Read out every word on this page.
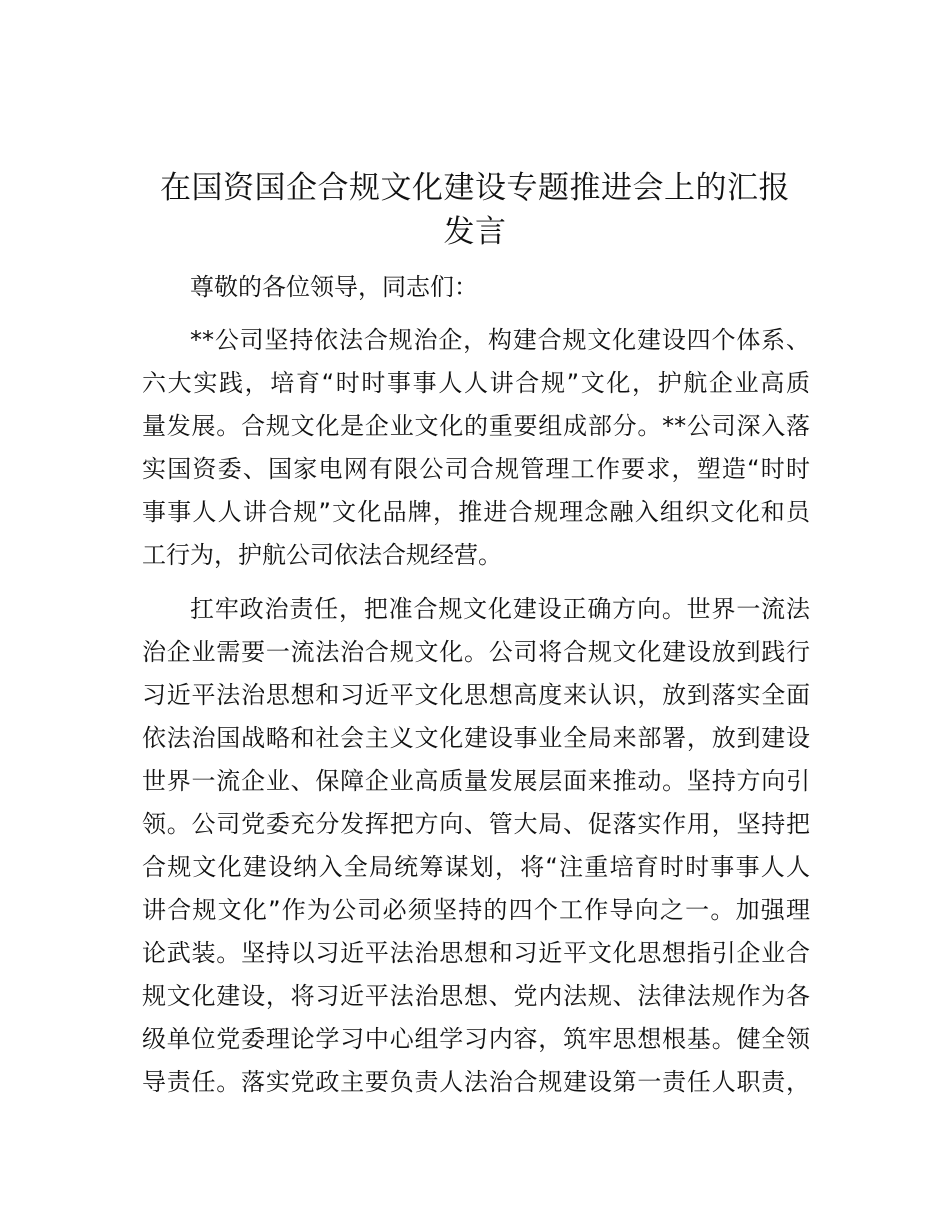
在国资国企合规文化建设专题推进会上的汇报
发言
尊敬的各位领导，同志们：
**公司坚持依法合规治企，构建合规文化建设四个体系、
六大实践，培育“时时事事人人讲合规”文化，护航企业高质
量发展。合规文化是企业文化的重要组成部分。**公司深入落
实国资委、国家电网有限公司合规管理工作要求，塑造“时时
事事人人讲合规”文化品牌，推进合规理念融入组织文化和员
工行为，护航公司依法合规经营。
扛牢政治责任，把准合规文化建设正确方向。世界一流法
治企业需要一流法治合规文化。公司将合规文化建设放到践行
习近平法治思想和习近平文化思想高度来认识，放到落实全面
依法治国战略和社会主义文化建设事业全局来部署，放到建设
世界一流企业、保障企业高质量发展层面来推动。坚持方向引
领。公司党委充分发挥把方向、管大局、促落实作用，坚持把
合规文化建设纳入全局统筹谋划，将“注重培育时时事事人人
讲合规文化”作为公司必须坚持的四个工作导向之一。加强理
论武装。坚持以习近平法治思想和习近平文化思想指引企业合
规文化建设，将习近平法治思想、党内法规、法律法规作为各
级单位党委理论学习中心组学习内容，筑牢思想根基。健全领
导责任。落实党政主要负责人法治合规建设第一责任人职责，
